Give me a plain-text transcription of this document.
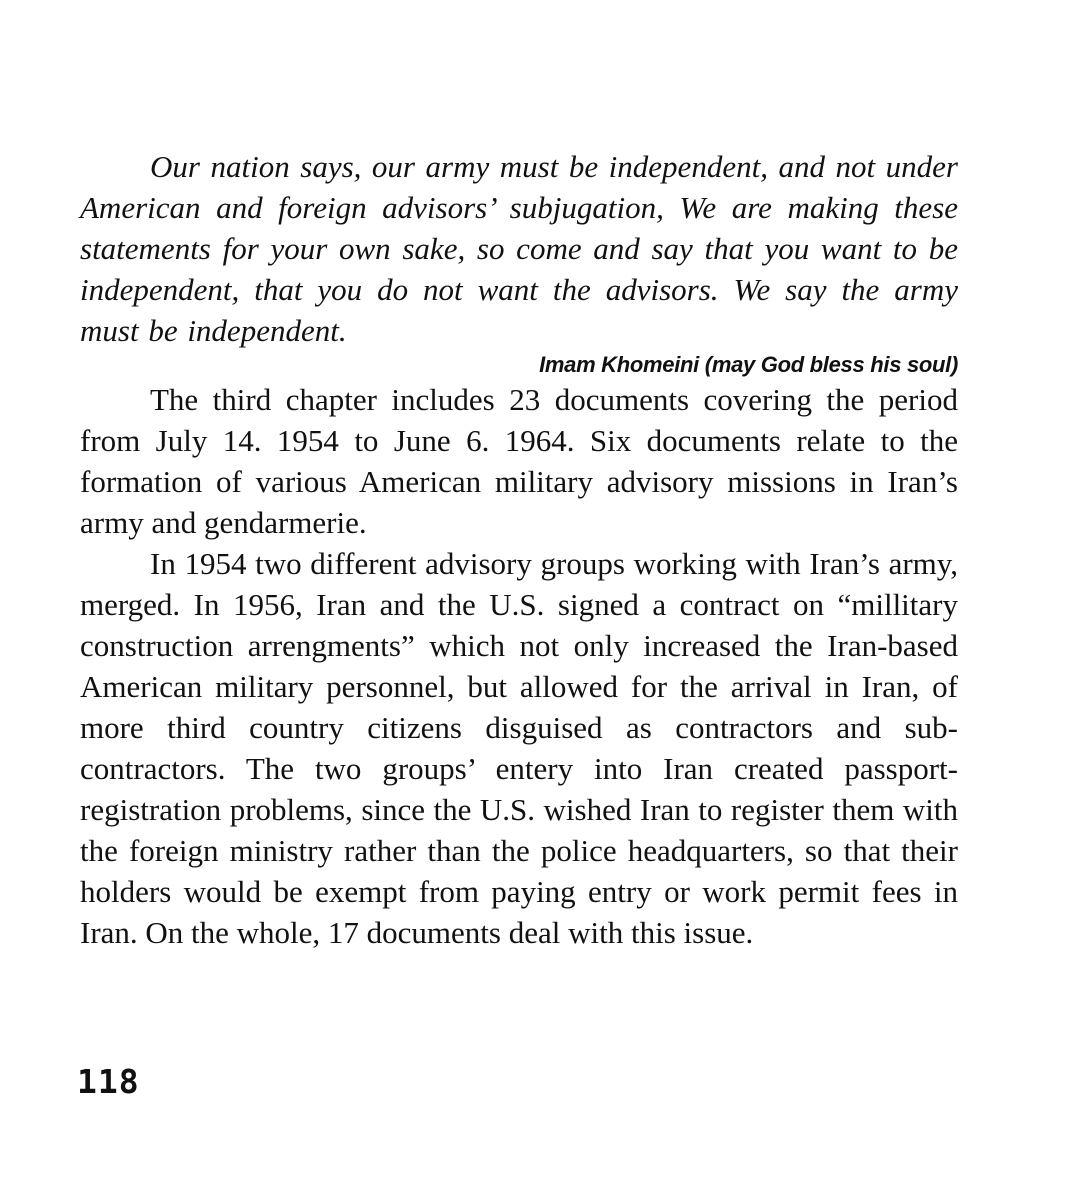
Our nation says, our army must be independent, and not under American and foreign advisors’ subjugation, We are making these statements for your own sake, so come and say that you want to be independent, that you do not want the advisors. We say the army must be independent.

Imam Khomeini (may God bless his soul)

The third chapter includes 23 documents covering the period from July 14. 1954 to June 6. 1964. Six documents relate to the formation of various American military advisory missions in Iran’s army and gendarmerie.

In 1954 two different advisory groups working with Iran’s army, merged. In 1956, Iran and the U.S. signed a contract on “millitary construction arrengments” which not only increased the Iran-based American military personnel, but allowed for the arrival in Iran, of more third country citizens disguised as contractors and sub-contractors. The two groups’ entery into Iran created passport-registration problems, since the U.S. wished Iran to register them with the foreign ministry rather than the police headquarters, so that their holders would be exempt from paying entry or work permit fees in Iran. On the whole, 17 documents deal with this issue.

118
